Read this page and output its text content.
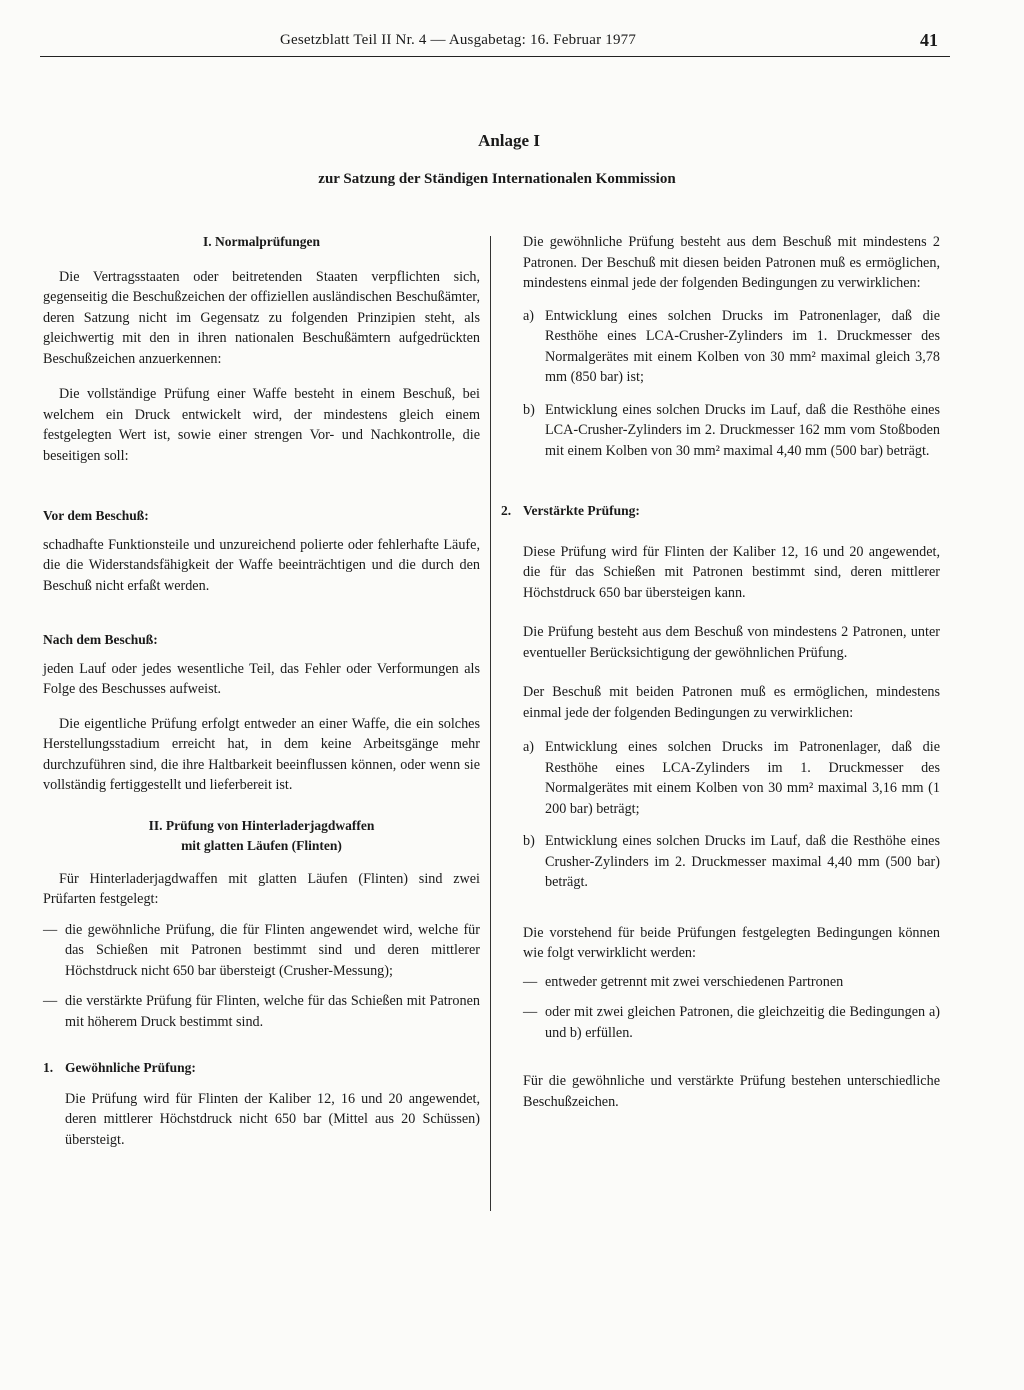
Gesetzblatt Teil II Nr. 4 — Ausgabetag: 16. Februar 1977	41
Anlage I
zur Satzung der Ständigen Internationalen Kommission

I. Normalprüfungen

Die Vertragsstaaten oder beitretenden Staaten verpflichten sich, gegenseitig die Beschußzeichen der offiziellen ausländischen Beschußämter, deren Satzung nicht im Gegensatz zu folgenden Prinzipien steht, als gleichwertig mit den in ihren nationalen Beschußämtern aufgedrückten Beschußzeichen anzuerkennen:

Die vollständige Prüfung einer Waffe besteht in einem Beschuß, bei welchem ein Druck entwickelt wird, der mindestens gleich einem festgelegten Wert ist, sowie einer strengen Vor- und Nachkontrolle, die beseitigen soll:

Vor dem Beschuß:

schadhafte Funktionsteile und unzureichend polierte oder fehlerhafte Läufe, die die Widerstandsfähigkeit der Waffe beeinträchtigen und die durch den Beschuß nicht erfaßt werden.

Nach dem Beschuß:

jeden Lauf oder jedes wesentliche Teil, das Fehler oder Verformungen als Folge des Beschusses aufweist.

Die eigentliche Prüfung erfolgt entweder an einer Waffe, die ein solches Herstellungsstadium erreicht hat, in dem keine Arbeitsgänge mehr durchzuführen sind, die ihre Haltbarkeit beeinflussen können, oder wenn sie vollständig fertiggestellt und lieferbereit ist.

II. Prüfung von Hinterladerjagdwaffen

mit glatten Läufen (Flinten)

Für Hinterladerjagdwaffen mit glatten Läufen (Flinten) sind zwei Prüfarten festgelegt:

— die gewöhnliche Prüfung, die für Flinten angewendet wird, welche für das Schießen mit Patronen bestimmt sind und deren mittlerer Höchstdruck nicht 650 bar übersteigt (Crusher-Messung);

— die verstärkte Prüfung für Flinten, welche für das Schießen mit Patronen mit höherem Druck bestimmt sind.

1. Gewöhnliche Prüfung:

Die Prüfung wird für Flinten der Kaliber 12, 16 und 20 angewendet, deren mittlerer Höchstdruck nicht 650 bar (Mittel aus 20 Schüssen) übersteigt.

Die gewöhnliche Prüfung besteht aus dem Beschuß mit mindestens 2 Patronen. Der Beschuß mit diesen beiden Patronen muß es ermöglichen, mindestens einmal jede der folgenden Bedingungen zu verwirklichen:

a) Entwicklung eines solchen Drucks im Patronenlager, daß die Resthöhe eines LCA-Crusher-Zylinders im 1. Druckmesser des Normalgerätes mit einem Kolben von 30 mm² maximal gleich 3,78 mm (850 bar) ist;

b) Entwicklung eines solchen Drucks im Lauf, daß die Resthöhe eines LCA-Crusher-Zylinders im 2. Druckmesser 162 mm vom Stoßboden mit einem Kolben von 30 mm² maximal 4,40 mm (500 bar) beträgt.

2. Verstärkte Prüfung:

Diese Prüfung wird für Flinten der Kaliber 12, 16 und 20 angewendet, die für das Schießen mit Patronen bestimmt sind, deren mittlerer Höchstdruck 650 bar übersteigen kann.

Die Prüfung besteht aus dem Beschuß von mindestens 2 Patronen, unter eventueller Berücksichtigung der gewöhnlichen Prüfung.

Der Beschuß mit beiden Patronen muß es ermöglichen, mindestens einmal jede der folgenden Bedingungen zu verwirklichen:

a) Entwicklung eines solchen Drucks im Patronenlager, daß die Resthöhe eines LCA-Zylinders im 1. Druckmesser des Normalgerätes mit einem Kolben von 30 mm² maximal 3,16 mm (1 200 bar) beträgt;

b) Entwicklung eines solchen Drucks im Lauf, daß die Resthöhe eines Crusher-Zylinders im 2. Druckmesser maximal 4,40 mm (500 bar) beträgt.

Die vorstehend für beide Prüfungen festgelegten Bedingungen können wie folgt verwirklicht werden:

— entweder getrennt mit zwei verschiedenen Partronen

— oder mit zwei gleichen Patronen, die gleichzeitig die Bedingungen a) und b) erfüllen.

Für die gewöhnliche und verstärkte Prüfung bestehen unterschiedliche Beschußzeichen.
